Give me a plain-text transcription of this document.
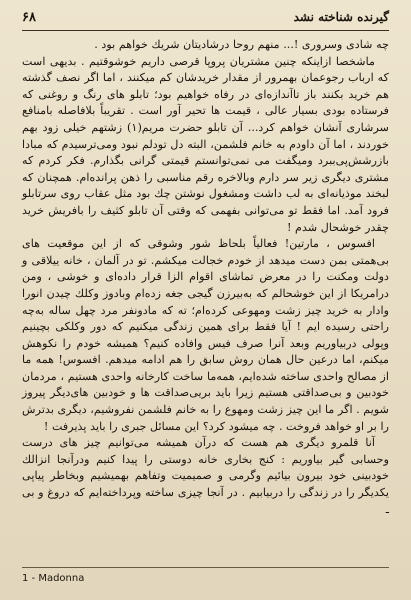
۶۸	گیرنده شناخته نشد

چه شادی وسروری !... منهم روحا درشادیتان شریك خواهم بود .

ماشخصا ازاینکه چنین مشتریان پروپا قرصی داریم خوشوقتیم . بدیهی است که ارباب رجوعمان بهمرور از مقدار خریدشان کم میکنند ، اما اگر نصف گذشته هم خرید بکنند باز تاآنداز‌ه‌ای در رفاه خواهیم بود؛ تابلو های رنگ و روغنی که فرستاده بودی بسیار عالی ، قیمت ها تحیر آور است . تقریباً بلافاصله بامنافع سرشاری آنشان خواهم کرد... آن تابلو حضرت مریم(۱) زشتهم خیلی زود بهم خوردند ، اما آن داودم به خانم فلشمن، البته دل تودلم نبود ومی‌ترسیدم که مبادا بازرشش‌پی‌ببرد ومیگفت می نمی‌توانستم قیمتی گرانی بگذارم. فکر کردم که مشتری دیگری زیر سر دارم وبالاخره رقم مناسبی را ذهن پرانده‌ام. همچنان که لبخند موذیانه‌ای به لب داشت ومشغول نوشتن چك بود مثل عقاب روی سرتابلو فرود آمد. اما فقط تو می‌توانی بفهمی که وقتی آن تابلو کثیف را بافریش خرید چقدر خوشحال شدم !

افسوس ، مارتین! فعالیاً بلحاظ شور وشوقی که از این موقعیت های بی‌همتی بمن دست میدهد از خودم خجالت میکشم. تو در آلمان ، خانه ییلاقی و دولت ومکنت را در معرض تماشای اقوام الزا قرار داده‌ای و خوشی ، ومن درامریکا از این خوشحالم که به‌بیرزن گیجی جغه زده‌ام وبادوز وکلك چیدن انورا وادار به خرید چیز زشت ومهوعی کرده‌ام؛ ته که مادونفر مرد چهل ساله به‌چه راحتی رسیده ایم ! آیا فقط برای همین زندگی میکنیم که دور وکلکی بچینیم وپولی دربیاوریم وبعد آنرا صرف فیس وافاده کنیم؟ همیشه خودم را نکوهش میکنم، اما درعین حال همان روش سابق را هم ادامه میدهم. افسوس! همه ما از مصالح واحدی ساخته شده‌ایم، همه‌ما ساخت کارخانه واحدی هستیم ، مردمان خودبین و بی‌صداقتی هستیم زیرا باید بریی‌صداقت ها و خودبین های‌دیگر پیروز شویم . اگر ما این چیز زشت ومهوع را به خانم فلشمن نفروشیم، دیگری بدترش را بر او خواهد فروخت . چه میشود کرد؟ این مسائل جبری را باید پذیرفت !

آنا قلمرو دیگری هم هست که درآن همیشه می‌توانیم چیز های درست وحسابی گیر بیاوریم : کنج بخاری خانه دوستی را پیدا کنیم ودرآنجا انزالك خودبینی خود بیرون بیائیم وگرمی و صمیمیت وتفاهم بهمیشیم وبخاطر پیاپی یکدیگر را در زندگی را دربیابیم . در آنجا چیزی ساخته وپرداخته‌ایم که دروغ و بی ـ

1 - Madonna
